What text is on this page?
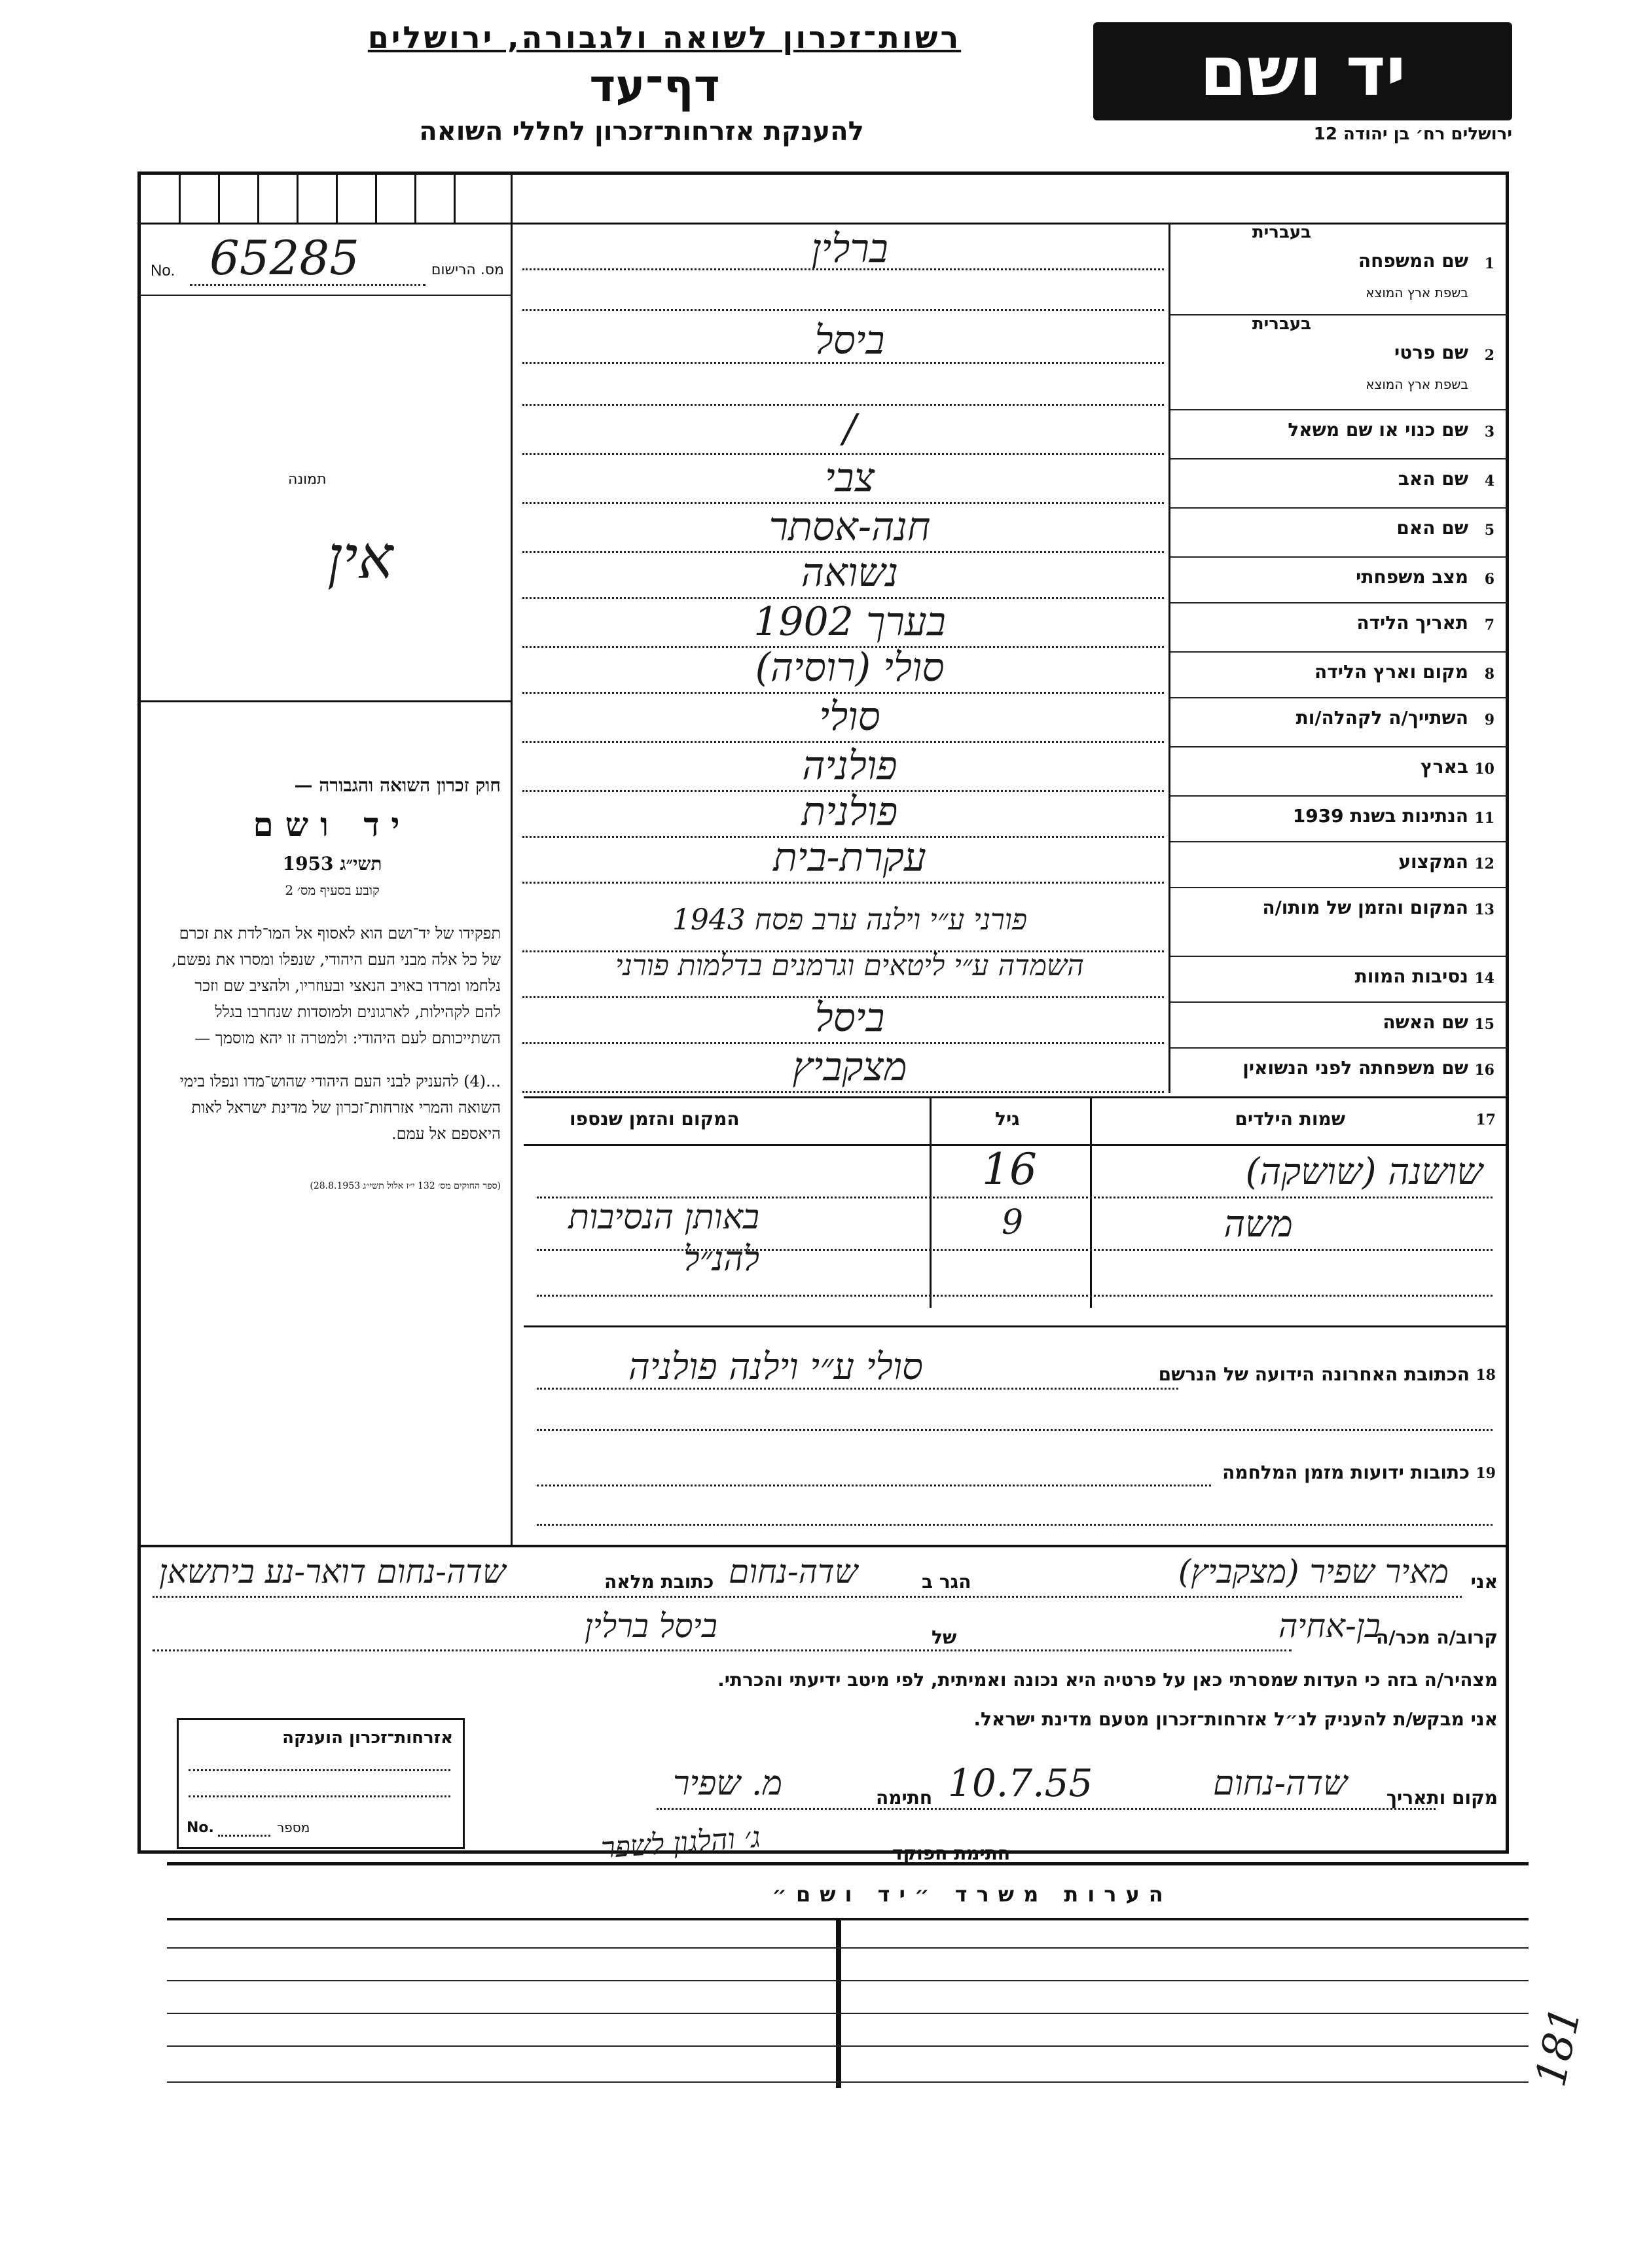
רשות־זכרון לשואה ולגבורה, ירושלים
דף־עד
להענקת אזרחות־זכרון לחללי השואה
יד ושם
ירושלים רח׳ בן יהודה 12
No. 65285	מס. הרישום
תמונה
אין

חוק זכרון השואה והגבורה —

יד ושם

תשי״ג 1953

קובע בסעיף מס׳ 2

תפקידו של יד־ושם הוא לאסוף אל המו־לדת את זכרם של כל אלה מבני העם היהודי, שנפלו ומסרו את נפשם, נלחמו ומרדו באויב הנאצי ובעוזריו, ולהציב שם וזכר להם לקהילות, לארגונים ולמוסדות שנחרבו בגלל השתייכותם לעם היהודי: ולמטרה זו יהא מוסמך —

...(4) להעניק לבני העם היהודי שהוש־מדו ונפלו בימי השואה והמרי אזרחות־זכרון של מדינת ישראל לאות היאספם אל עמם.

(ספר החוקים מס׳ 132 י״ז אלול תשי״ג 28.8.1953)

1
שם המשפחה
בעברית
בשפת ארץ המוצא
ברלין
2
שם פרטי
בעברית
בשפת ארץ המוצא
ביסל
3
שם כנוי או שם משאל
/
4
שם האב
צבי
5
שם האם
חנה-אסתר
6
מצב משפחתי
נשואה
7
תאריך הלידה
בערך 1902
8
מקום וארץ הלידה
סולי (רוסיה)
9
השתייך/ה לקהלה/ות
סולי
10
בארץ
פולניה
11
הנתינות בשנת 1939
פולנית
12
המקצוע
עקרת-בית
13
המקום והזמן של מותו/ה
פורני ע״י וילנה ערב פסח 1943
14
נסיבות המוות
השמדה ע״י ליטאים וגרמנים בדלמות פורני
15
שם האשה
ביסל
16
שם משפחתה לפני הנשואין
מצקביץ
17
שמות הילדים
גיל
המקום והזמן שנספו
שושנה (שושקה)
16
משה
9
באותן הנסיבות להנ״ל
18
הכתובת האחרונה הידועה של הנרשם
סולי ע״י וילנה פולניה
19
כתובות ידועות מזמן המלחמה
אני
מאיר שפיר (מצקביץ)
הגר ב
שדה-נחום
כתובת מלאה
שדה-נחום דואר-נע ביתשאן
קרוב/ה מכר/ה
בן-אחיה
של
ביסל ברלין
מצהיר/ה בזה כי העדות שמסרתי כאן על פרטיה היא נכונה ואמיתית, לפי מיטב ידיעתי והכרתי.
אני מבקש/ת להעניק לנ״ל אזרחות־זכרון מטעם מדינת ישראל.
מקום ותאריך
שדה-נחום
10.7.55
חתימה
מ. שפיר
חתימת הפוקד
ג׳ והלגון לשפר
אזרחות־זכרון הוענקה
No.	מספר
הערות משרד ״יד ושם״
181
